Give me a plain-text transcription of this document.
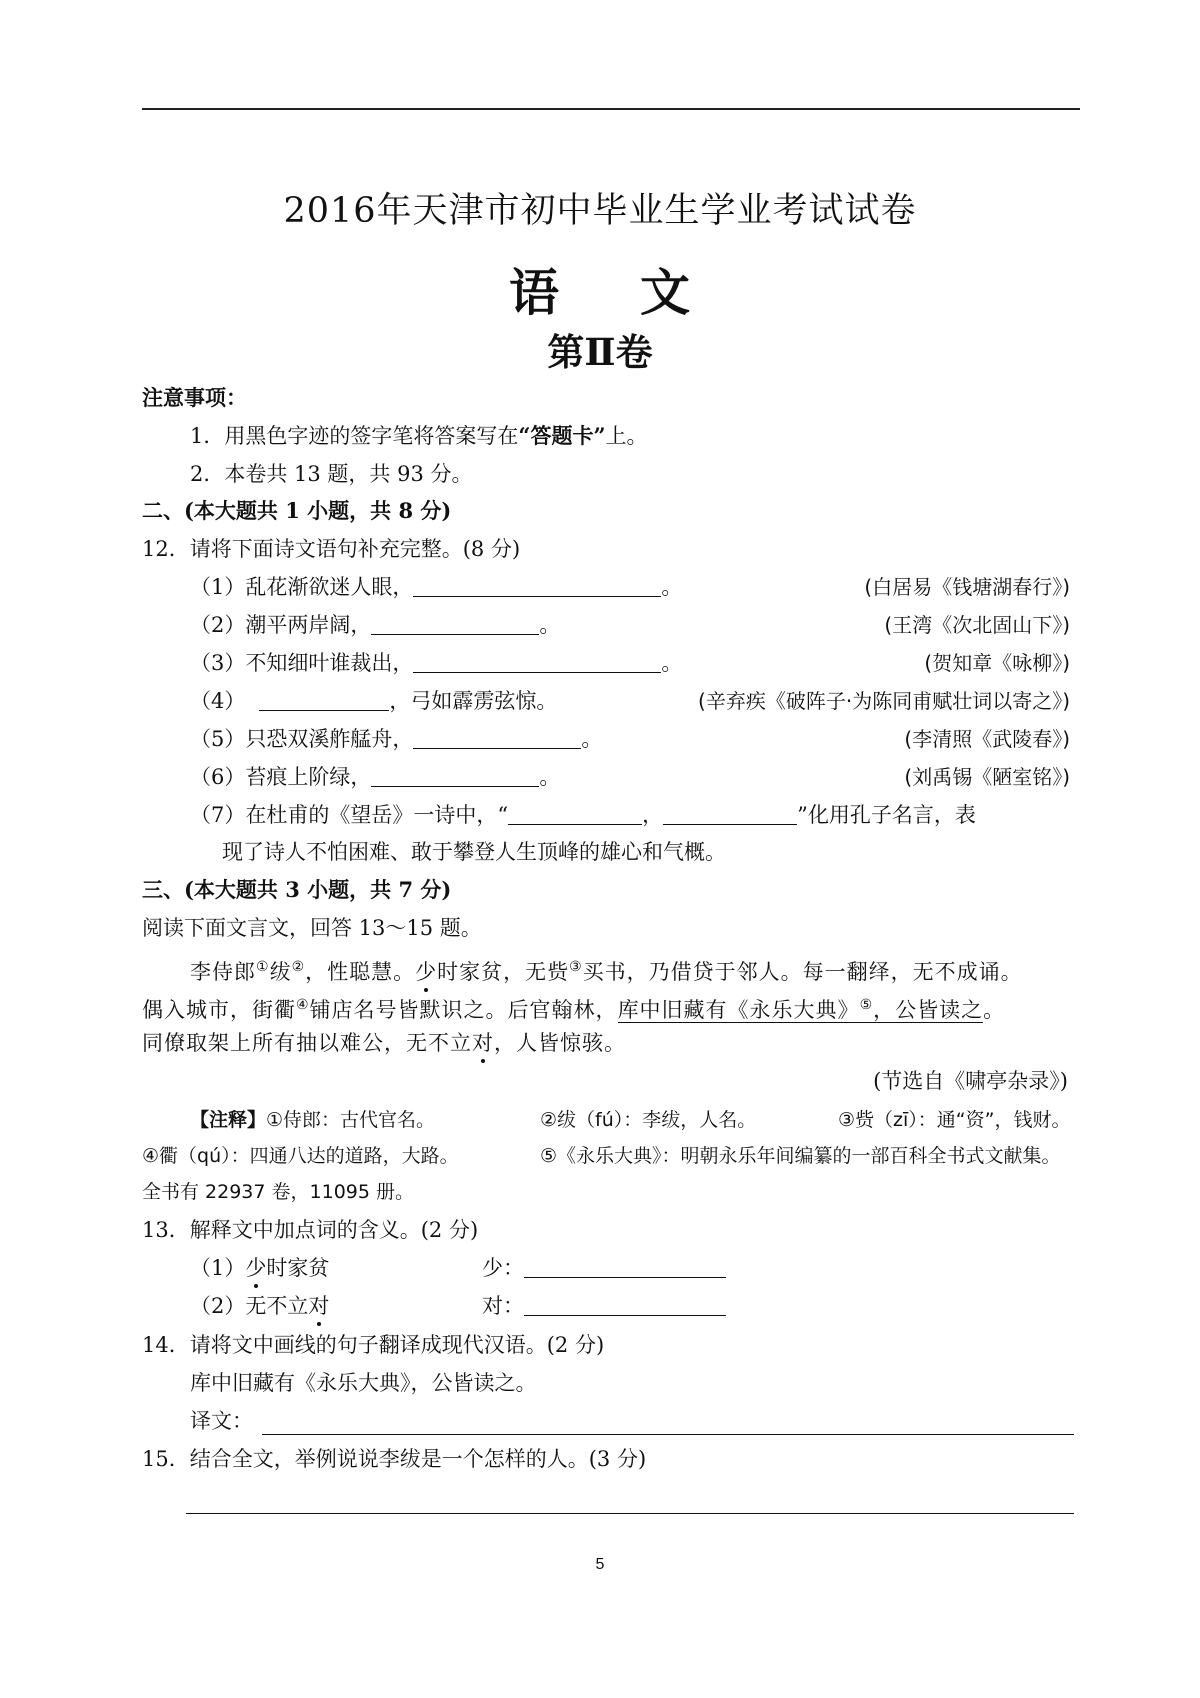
2016年天津市初中毕业生学业考试试卷
语 文
第Ⅱ卷
注意事项：
1．用黑色字迹的签字笔将答案写在“答题卡”上。
2．本卷共 13 题，共 93 分。
二、(本大题共 1 小题，共 8 分)
12．请将下面诗文语句补充完整。(8 分)
（1）乱花渐欲迷人眼，	。	(白居易《钱塘湖春行》)
（2）潮平两岸阔，	。	(王湾《次北固山下》)
（3）不知细叶谁裁出，	。	(贺知章《咏柳》)
（4）	，弓如霹雳弦惊。	(辛弃疾《破阵子·为陈同甫赋壮词以寄之》)
（5）只恐双溪舴艋舟，	。	(李清照《武陵春》)
（6）苔痕上阶绿，	。	(刘禹锡《陋室铭》)
（7）在杜甫的《望岳》一诗中，“	，	”化用孔子名言，表
现了诗人不怕困难、敢于攀登人生顶峰的雄心和气概。
三、(本大题共 3 小题，共 7 分)
阅读下面文言文，回答 13～15 题。
李侍郎①绂②，性聪慧。少时家贫，无赀③买书，乃借贷于邻人。每一翻绎，无不成诵。
偶入城市，街衢④铺店名号皆默识之。后官翰林，库中旧藏有《永乐大典》⑤，公皆读之。
同僚取架上所有抽以难公，无不立对，人皆惊骇。
(节选自《啸亭杂录》)
【注释】①侍郎：古代官名。	②绂（fú）：李绂，人名。	③赀（zī）：通“资”，钱财。
④衢（qú）：四通八达的道路，大路。	⑤《永乐大典》：明朝永乐年间编纂的一部百科全书式文献集。
全书有 22937 卷，11095 册。
13．解释文中加点词的含义。(2 分)
（1）少时家贫	少：
（2）无不立对	对：
14．请将文中画线的句子翻译成现代汉语。(2 分)
库中旧藏有《永乐大典》，公皆读之。
译文：
15．结合全文，举例说说李绂是一个怎样的人。(3 分)
5
